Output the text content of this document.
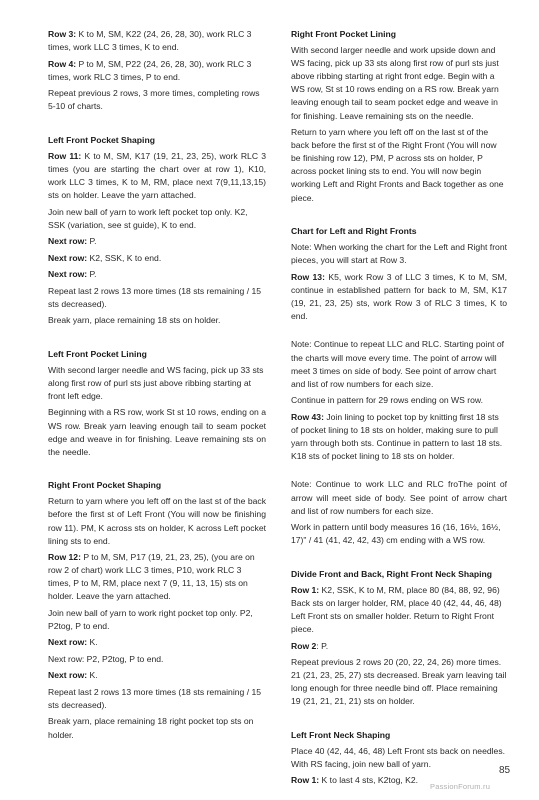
Row 3: K to M, SM, K22 (24, 26, 28, 30), work RLC 3 times, work LLC 3 times, K to end.

Row 4: P to M, SM, P22 (24, 26, 28, 30), work RLC 3 times, work RLC 3 times, P to end.

Repeat previous 2 rows, 3 more times, completing rows 5-10 of charts.

Left Front Pocket Shaping

Row 11: K to M, SM, K17 (19, 21, 23, 25), work RLC 3 times (you are starting the chart over at row 1), K10, work LLC 3 times, K to M, RM, place next 7(9,11,13,15) sts on holder. Leave the yarn attached.

Join new ball of yarn to work left pocket top only. K2, SSK (variation, see st guide), K to end.

Next row: P.

Next row: K2, SSK, K to end.

Next row: P.

Repeat last 2 rows 13 more times (18 sts remaining / 15 sts decreased).

Break yarn, place remaining 18 sts on holder.

Left Front Pocket Lining

With second larger needle and WS facing, pick up 33 sts along first row of purl sts just above ribbing starting at front left edge.

Beginning with a RS row, work St st 10 rows, ending on a WS row. Break yarn leaving enough tail to seam pocket edge and weave in for finishing. Leave remaining sts on the needle.

Right Front Pocket Shaping

Return to yarn where you left off on the last st of the back before the first st of Left Front (You will now be finishing row 11). PM, K across sts on holder, K across Left pocket lining sts to end.

Row 12: P to M, SM, P17 (19, 21, 23, 25), (you are on row 2 of chart) work LLC 3 times, P10, work RLC 3 times, P to M, RM, place next 7 (9, 11, 13, 15) sts on holder. Leave the yarn attached.

Join new ball of yarn to work right pocket top only. P2, P2tog, P to end.

Next row: K.

Next row: P2, P2tog, P to end.

Next row: K.

Repeat last 2 rows 13 more times (18 sts remaining / 15 sts decreased).

Break yarn, place remaining 18 right pocket top sts on holder.

Right Front Pocket Lining

With second larger needle and work upside down and WS facing, pick up 33 sts along first row of purl sts just above ribbing starting at right front edge. Begin with a WS row, St st 10 rows ending on a RS row. Break yarn leaving enough tail to seam pocket edge and weave in for finishing. Leave remaining sts on the needle.

Return to yarn where you left off on the last st of the back before the first st of the Right Front (You will now be finishing row 12), PM, P across sts on holder, P across pocket lining sts to end. You will now begin working Left and Right Fronts and Back together as one piece.

Chart for Left and Right Fronts

Note: When working the chart for the Left and Right front pieces, you will start at Row 3.

Row 13: K5, work Row 3 of LLC 3 times, K to M, SM, continue in established pattern for back to M, SM, K17 (19, 21, 23, 25) sts, work Row 3 of RLC 3 times, K to end.

Note: Continue to repeat LLC and RLC. Starting point of the charts will move every time. The point of arrow will meet 3 times on side of body. See point of arrow chart and list of row numbers for each size.

Continue in pattern for 29 rows ending on WS row.

Row 43: Join lining to pocket top by knitting first 18 sts of pocket lining to 18 sts on holder, making sure to pull yarn through both sts. Continue in pattern to last 18 sts. K18 sts of pocket lining to 18 sts on holder.

Note: Continue to work LLC and RLC froThe point of arrow will meet side of body. See point of arrow chart and list of row numbers for each size.

Work in pattern until body measures 16 (16, 16½, 16½, 17)" / 41 (41, 42, 42, 43) cm ending with a WS row.

Divide Front and Back, Right Front Neck Shaping

Row 1: K2, SSK, K to M, RM, place 80 (84, 88, 92, 96) Back sts on larger holder, RM, place 40 (42, 44, 46, 48) Left Front sts on smaller holder. Return to Right Front piece.

Row 2: P.

Repeat previous 2 rows 20 (20, 22, 24, 26) more times. 21 (21, 23, 25, 27) sts decreased. Break yarn leaving tail long enough for three needle bind off. Place remaining 19 (21, 21, 21, 21) sts on holder.

Left Front Neck Shaping

Place 40 (42, 44, 46, 48) Left Front sts back on needles. With RS facing, join new ball of yarn.

Row 1: K to last 4 sts, K2tog, K2.

85
PassionForum.ru
